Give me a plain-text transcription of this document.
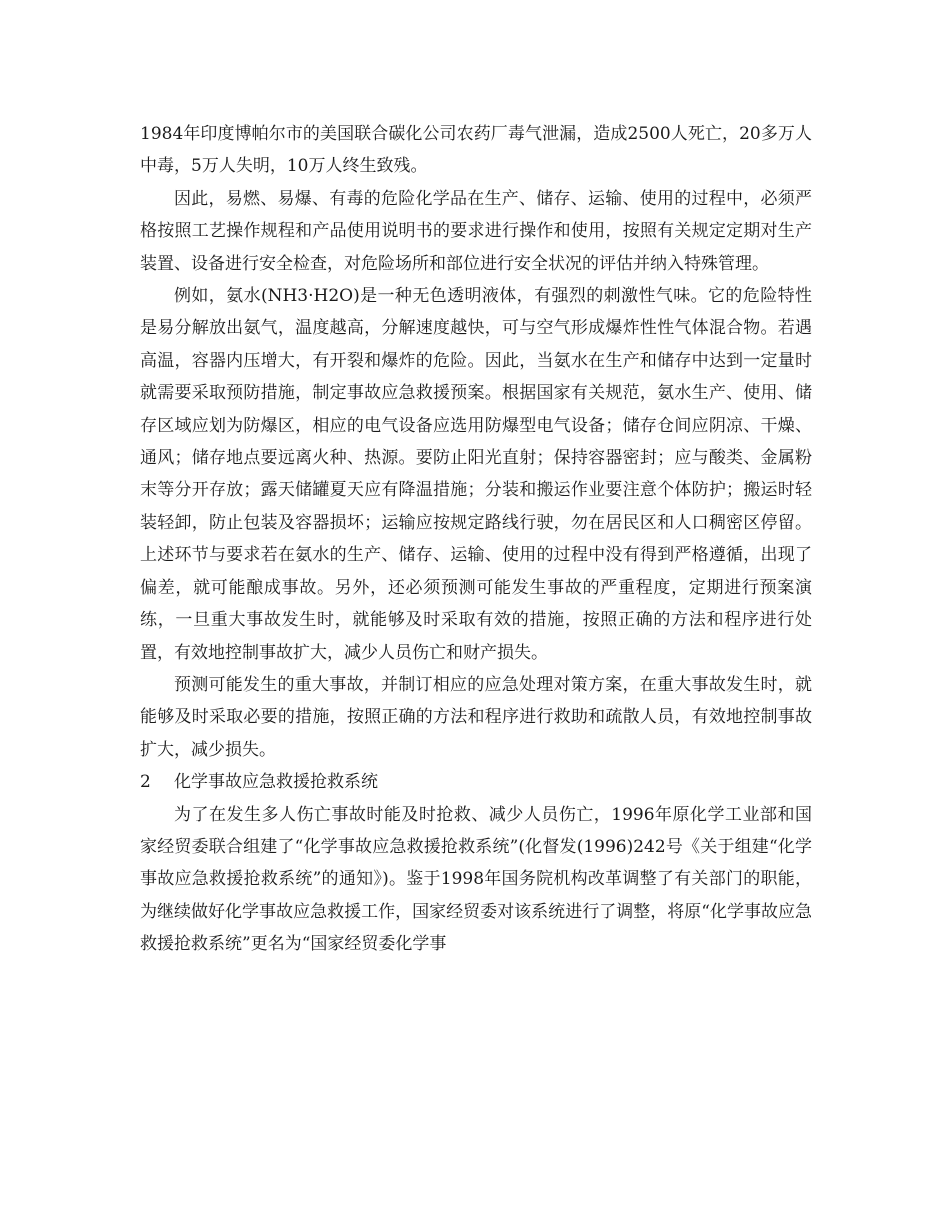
1984年印度博帕尔市的美国联合碳化公司农药厂毒气泄漏，造成2500人死亡，20多万人中毒，5万人失明，10万人终生致残。

因此，易燃、易爆、有毒的危险化学品在生产、储存、运输、使用的过程中，必须严格按照工艺操作规程和产品使用说明书的要求进行操作和使用，按照有关规定定期对生产装置、设备进行安全检查，对危险场所和部位进行安全状况的评估并纳入特殊管理。

例如，氨水(NH3·H2O)是一种无色透明液体，有强烈的刺激性气味。它的危险特性是易分解放出氨气，温度越高，分解速度越快，可与空气形成爆炸性性气体混合物。若遇高温，容器内压增大，有开裂和爆炸的危险。因此，当氨水在生产和储存中达到一定量时就需要采取预防措施，制定事故应急救援预案。根据国家有关规范，氨水生产、使用、储存区域应划为防爆区，相应的电气设备应选用防爆型电气设备；储存仓间应阴凉、干燥、通风；储存地点要远离火种、热源。要防止阳光直射；保持容器密封；应与酸类、金属粉末等分开存放；露天储罐夏天应有降温措施；分装和搬运作业要注意个体防护；搬运时轻装轻卸，防止包装及容器损坏；运输应按规定路线行驶，勿在居民区和人口稠密区停留。上述环节与要求若在氨水的生产、储存、运输、使用的过程中没有得到严格遵循，出现了偏差，就可能酿成事故。另外，还必须预测可能发生事故的严重程度，定期进行预案演练，一旦重大事故发生时，就能够及时采取有效的措施，按照正确的方法和程序进行处置，有效地控制事故扩大，减少人员伤亡和财产损失。

预测可能发生的重大事故，并制订相应的应急处理对策方案，在重大事故发生时，就能够及时采取必要的措施，按照正确的方法和程序进行救助和疏散人员，有效地控制事故扩大，减少损失。

2	化学事故应急救援抢救系统

为了在发生多人伤亡事故时能及时抢救、减少人员伤亡，1996年原化学工业部和国家经贸委联合组建了“化学事故应急救援抢救系统”(化督发(1996)242号《关于组建“化学事故应急救援抢救系统”的通知》)。鉴于1998年国务院机构改革调整了有关部门的职能，为继续做好化学事故应急救援工作，国家经贸委对该系统进行了调整，将原“化学事故应急救援抢救系统”更名为“国家经贸委化学事
